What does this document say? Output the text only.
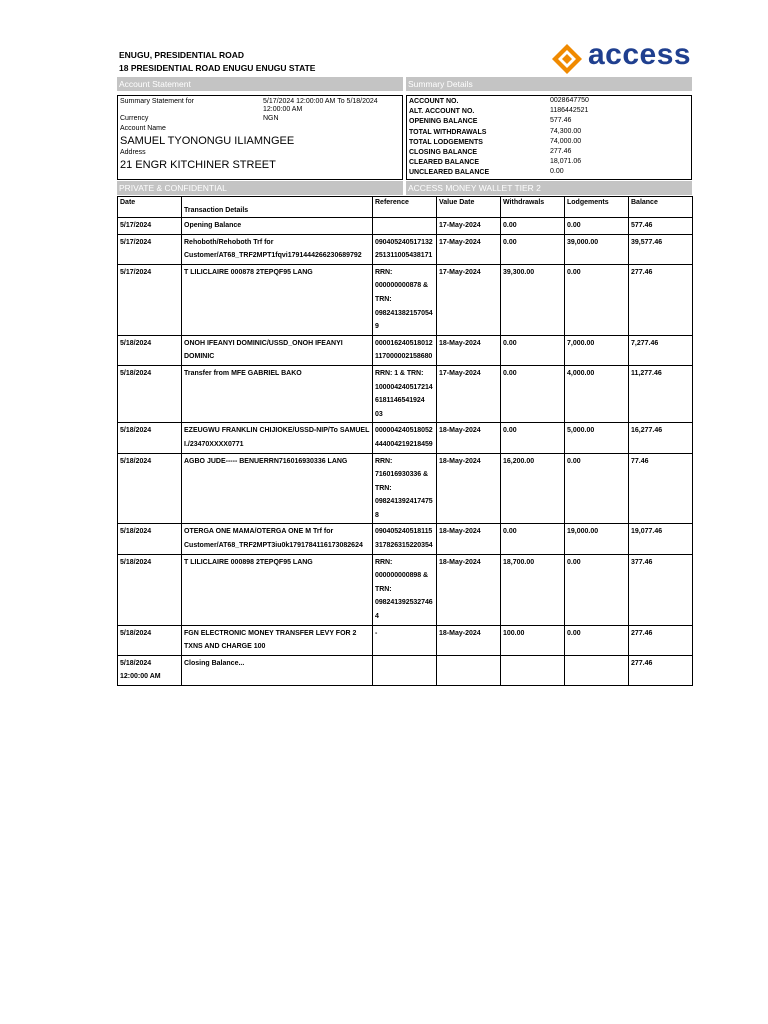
ENUGU, PRESIDENTIAL ROAD
18 PRESIDENTIAL ROAD ENUGU ENUGU STATE	access
Account Statement	Summary Details
Summary Statement for	5/17/2024 12:00:00 AM To 5/18/2024 12:00:00 AM
Currency	NGN
Account Name
SAMUEL TYONONGU ILIAMNGEE
Address
21 ENGR KITCHINER STREET
ACCOUNT NO.	0028647750
ALT. ACCOUNT NO.	1186442521
OPENING BALANCE	577.46
TOTAL WITHDRAWALS	74,300.00
TOTAL LODGEMENTS	74,000.00
CLOSING BALANCE	277.46
CLEARED BALANCE	18,071.06
UNCLEARED BALANCE	0.00
PRIVATE & CONFIDENTIAL	ACCESS MONEY WALLET TIER 2
Date	Transaction Details	Reference	Value Date	Withdrawals	Lodgements	Balance
5/17/2024	Opening Balance		17-May-2024	0.00	0.00	577.46
5/17/2024	Rehoboth/Rehoboth Trf for Customer/AT68_TRF2MPT1fqvi1791444266230689792	090405240517132251311005438171	17-May-2024	0.00	39,000.00	39,577.46
5/17/2024	T LILICLAIRE 000878 2TEPQF95 LANG	RRN: 000000000878 & TRN: 0982413821570549	17-May-2024	39,300.00	0.00	277.46
5/18/2024	ONOH IFEANYI DOMINIC/USSD_ONOH IFEANYI DOMINIC	000016240518012117000002158680	18-May-2024	0.00	7,000.00	7,277.46
5/18/2024	Transfer from MFE GABRIEL BAKO	RRN: 1 & TRN: 1000042405172146181146541924 03	17-May-2024	0.00	4,000.00	11,277.46
5/18/2024	EZEUGWU FRANKLIN CHIJIOKE/USSD-NIP/To SAMUEL I./23470XXXX0771	000004240518052444004219218459	18-May-2024	0.00	5,000.00	16,277.46
5/18/2024	AGBO JUDE----- BENUERRN716016930336 LANG	RRN: 716016930336 & TRN: 0982413924174758	18-May-2024	16,200.00	0.00	77.46
5/18/2024	OTERGA ONE MAMA/OTERGA ONE M Trf for Customer/AT68_TRF2MPT3iu0k1791784116173082624	090405240518115317826315220354	18-May-2024	0.00	19,000.00	19,077.46
5/18/2024	T LILICLAIRE 000898 2TEPQF95 LANG	RRN: 000000000898 & TRN: 0982413925327464	18-May-2024	18,700.00	0.00	377.46
5/18/2024	FGN ELECTRONIC MONEY TRANSFER LEVY FOR 2 TXNS AND CHARGE 100	-	18-May-2024	100.00	0.00	277.46
5/18/2024 12:00:00 AM	Closing Balance...					277.46
